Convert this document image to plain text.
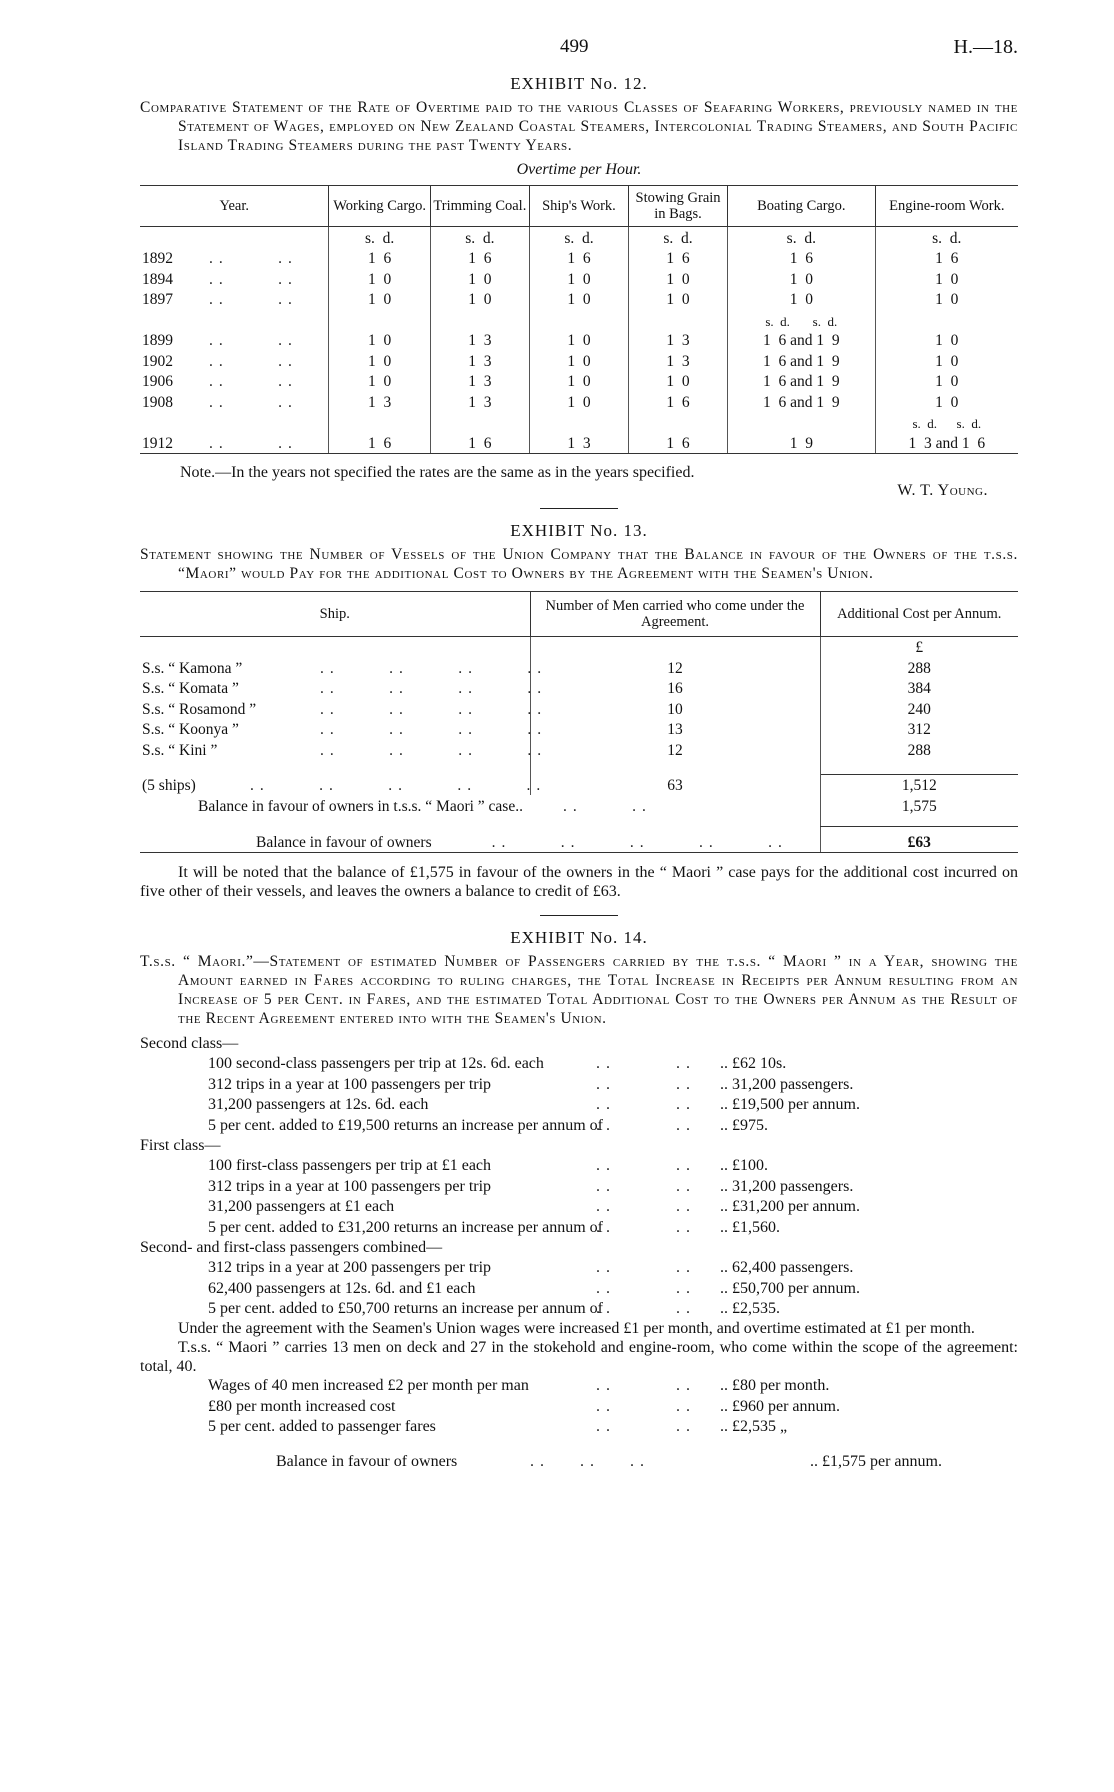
499	H.—18.
EXHIBIT No. 12.
Comparative Statement of the Rate of Overtime paid to the various Classes of Seafaring Workers, previously named in the Statement of Wages, employed on New Zealand Coastal Steamers, Intercolonial Trading Steamers, and South Pacific Island Trading Steamers during the past Twenty Years.
Overtime per Hour.
Year.	Working Cargo.	Trimming Coal.	Ship's Work.	Stowing Grain in Bags.	Boating Cargo.	Engine-room Work.
	s.  d.	s.  d.	s.  d.	s.  d.	s.  d.	s.  d.
1892 ..     ..	1  6	1  6	1  6	1  6	1  6	1  6
1894 ..     ..	1  0	1  0	1  0	1  0	1  0	1  0
1897 ..     ..	1  0	1  0	1  0	1  0	1  0	1  0
					s.  d.       s.  d.	
1899 ..     ..	1  0	1  3	1  0	1  3	1  6 and 1  9	1  0
1902 ..     ..	1  0	1  3	1  0	1  3	1  6 and 1  9	1  0
1906 ..     ..	1  0	1  3	1  0	1  0	1  6 and 1  9	1  0
1908 ..     ..	1  3	1  3	1  0	1  6	1  6 and 1  9	1  0
						s.  d.      s.  d.
1912 ..     ..	1  6	1  6	1  3	1  6	1  9	1  3 and 1  6
Note.—In the years not specified the rates are the same as in the years specified.
W. T. Young.
EXHIBIT No. 13.
Statement showing the Number of Vessels of the Union Company that the Balance in favour of the Owners of the t.s.s. “Maori” would Pay for the additional Cost to Owners by the Agreement with the Seamen's Union.
Ship.	Number of Men carried who come under the Agreement.	Additional Cost per Annum.
		£
S.s. “ Kamona ” ..     ..     ..     ..	12	288
S.s. “ Komata ” ..     ..     ..     ..	16	384
S.s. “ Rosamond ” ..     ..     ..     ..	10	240
S.s. “ Koonya ” ..     ..     ..     ..	13	312
S.s. “ Kini ” ..     ..     ..     ..	12	288

(5 ships) ..     ..     ..     ..     ..	63	1,512
Balance in favour of owners in t.s.s. “ Maori ” case.. ..     ..		1,575

Balance in favour of owners ..     ..     ..     ..     ..		£63
It will be noted that the balance of £1,575 in favour of the owners in the “ Maori ” case pays for the additional cost incurred on five other of their vessels, and leaves the owners a balance to credit of £63.
EXHIBIT No. 14.
T.s.s. “ Maori.”—Statement of estimated Number of Passengers carried by the t.s.s. “ Maori ” in a Year, showing the Amount earned in Fares according to ruling charges, the Total Increase in Receipts per Annum resulting from an Increase of 5 per Cent. in Fares, and the estimated Total Additional Cost to the Owners per Annum as the Result of the Recent Agreement entered into with the Seamen's Union.
Second class—
100 second-class passengers per trip at 12s. 6d. each	..      .. .. £62 10s.
312 trips in a year at 100 passengers per trip	..      .. .. 31,200 passengers.
31,200 passengers at 12s. 6d. each	..      .. .. £19,500 per annum.
5 per cent. added to £19,500 returns an increase per annum of
..      .. .. £975.
First class—
100 first-class passengers per trip at £1 each	..      .. .. £100.
312 trips in a year at 100 passengers per trip	..      .. .. 31,200 passengers.
31,200 passengers at £1 each	..      .. .. £31,200 per annum.
5 per cent. added to £31,200 returns an increase per annum of
..      .. .. £1,560.
Second- and first-class passengers combined—
312 trips in a year at 200 passengers per trip	..      .. .. 62,400 passengers.
62,400 passengers at 12s. 6d. and £1 each	..      .. .. £50,700 per annum.
5 per cent. added to £50,700 returns an increase per annum of
..      .. .. £2,535.
Under the agreement with the Seamen's Union wages were increased £1 per month, and overtime estimated at £1 per month.
T.s.s. “ Maori ” carries 13 men on deck and 27 in the stokehold and engine-room, who come within the scope of the agreement: total, 40.
Wages of 40 men increased £2 per month per man	..      .. .. £80 per month.
£80 per month increased cost	..      .. .. £960 per annum.
5 per cent. added to passenger fares	..      .. .. £2,535 „
Balance in favour of owners	..   ..   ..	.. £1,575 per annum.
